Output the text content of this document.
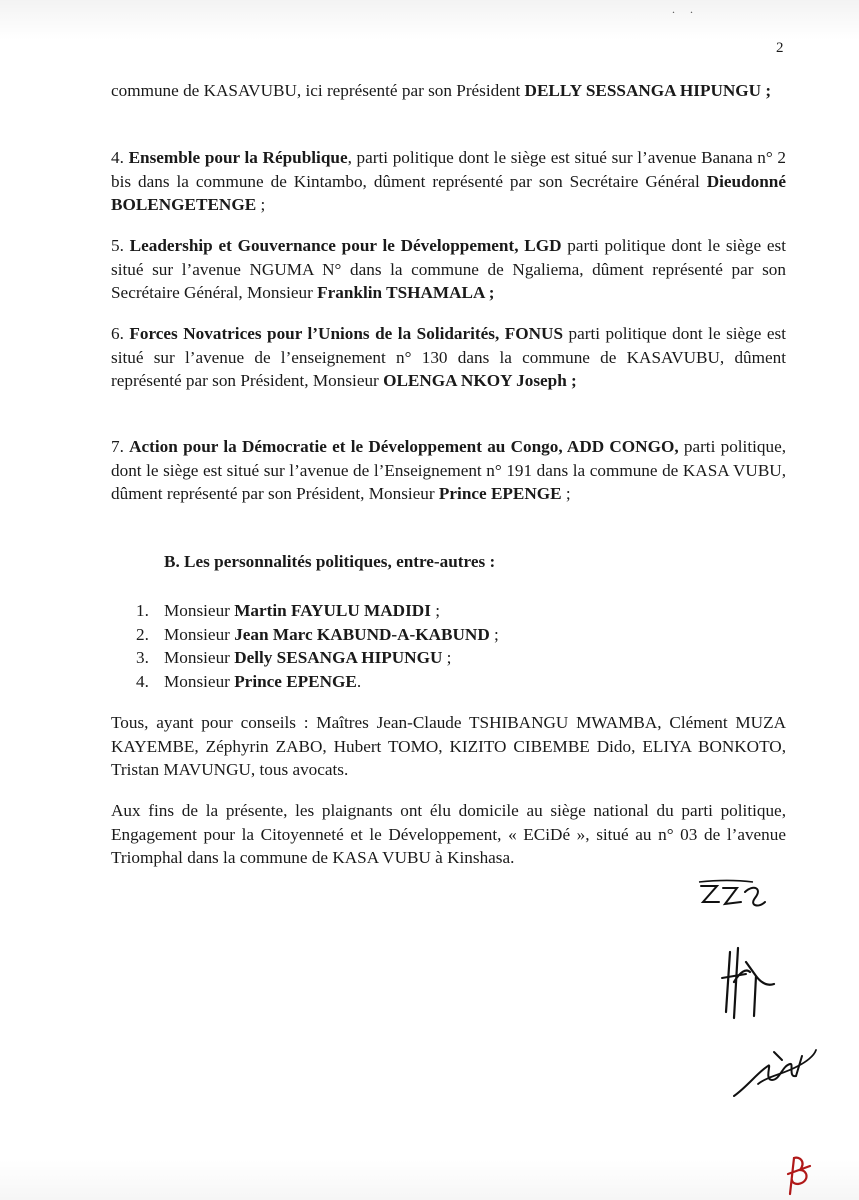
. .
2
commune de KASAVUBU, ici représenté par son Président DELLY SESSANGA HIPUNGU ;
4. Ensemble pour la République, parti politique dont le siège est situé sur l’avenue Banana n° 2 bis dans la commune de Kintambo, dûment représenté par son Secrétaire Général Dieudonné BOLENGETENGE ;
5. Leadership et Gouvernance pour le Développement, LGD parti politique dont le siège est situé sur l’avenue NGUMA N° dans la commune de Ngaliema, dûment représenté par son Secrétaire Général, Monsieur Franklin TSHAMALA ;
6. Forces Novatrices pour l’Unions de la Solidarités, FONUS parti politique dont le siège est situé sur l’avenue de l’enseignement n° 130 dans la commune de KASAVUBU, dûment représenté par son Président, Monsieur OLENGA NKOY Joseph ;
7. Action pour la Démocratie et le Développement au Congo, ADD CONGO, parti politique, dont le siège est situé sur l’avenue de l’Enseignement n° 191 dans la commune de KASA VUBU, dûment représenté par son Président, Monsieur Prince EPENGE ;
B. Les personnalités politiques, entre-autres :
1. Monsieur Martin FAYULU MADIDI ;
2. Monsieur Jean Marc KABUND-A-KABUND ;
3. Monsieur Delly SESANGA HIPUNGU ;
4. Monsieur Prince EPENGE.
Tous, ayant pour conseils : Maîtres Jean-Claude TSHIBANGU MWAMBA, Clément MUZA KAYEMBE, Zéphyrin ZABO, Hubert TOMO, KIZITO CIBEMBE Dido, ELIYA BONKOTO, Tristan MAVUNGU, tous avocats.
Aux fins de la présente, les plaignants ont élu domicile au siège national du parti politique, Engagement pour la Citoyenneté et le Développement, « ECiDé », situé au n° 03 de l’avenue Triomphal dans la commune de KASA VUBU à Kinshasa.
